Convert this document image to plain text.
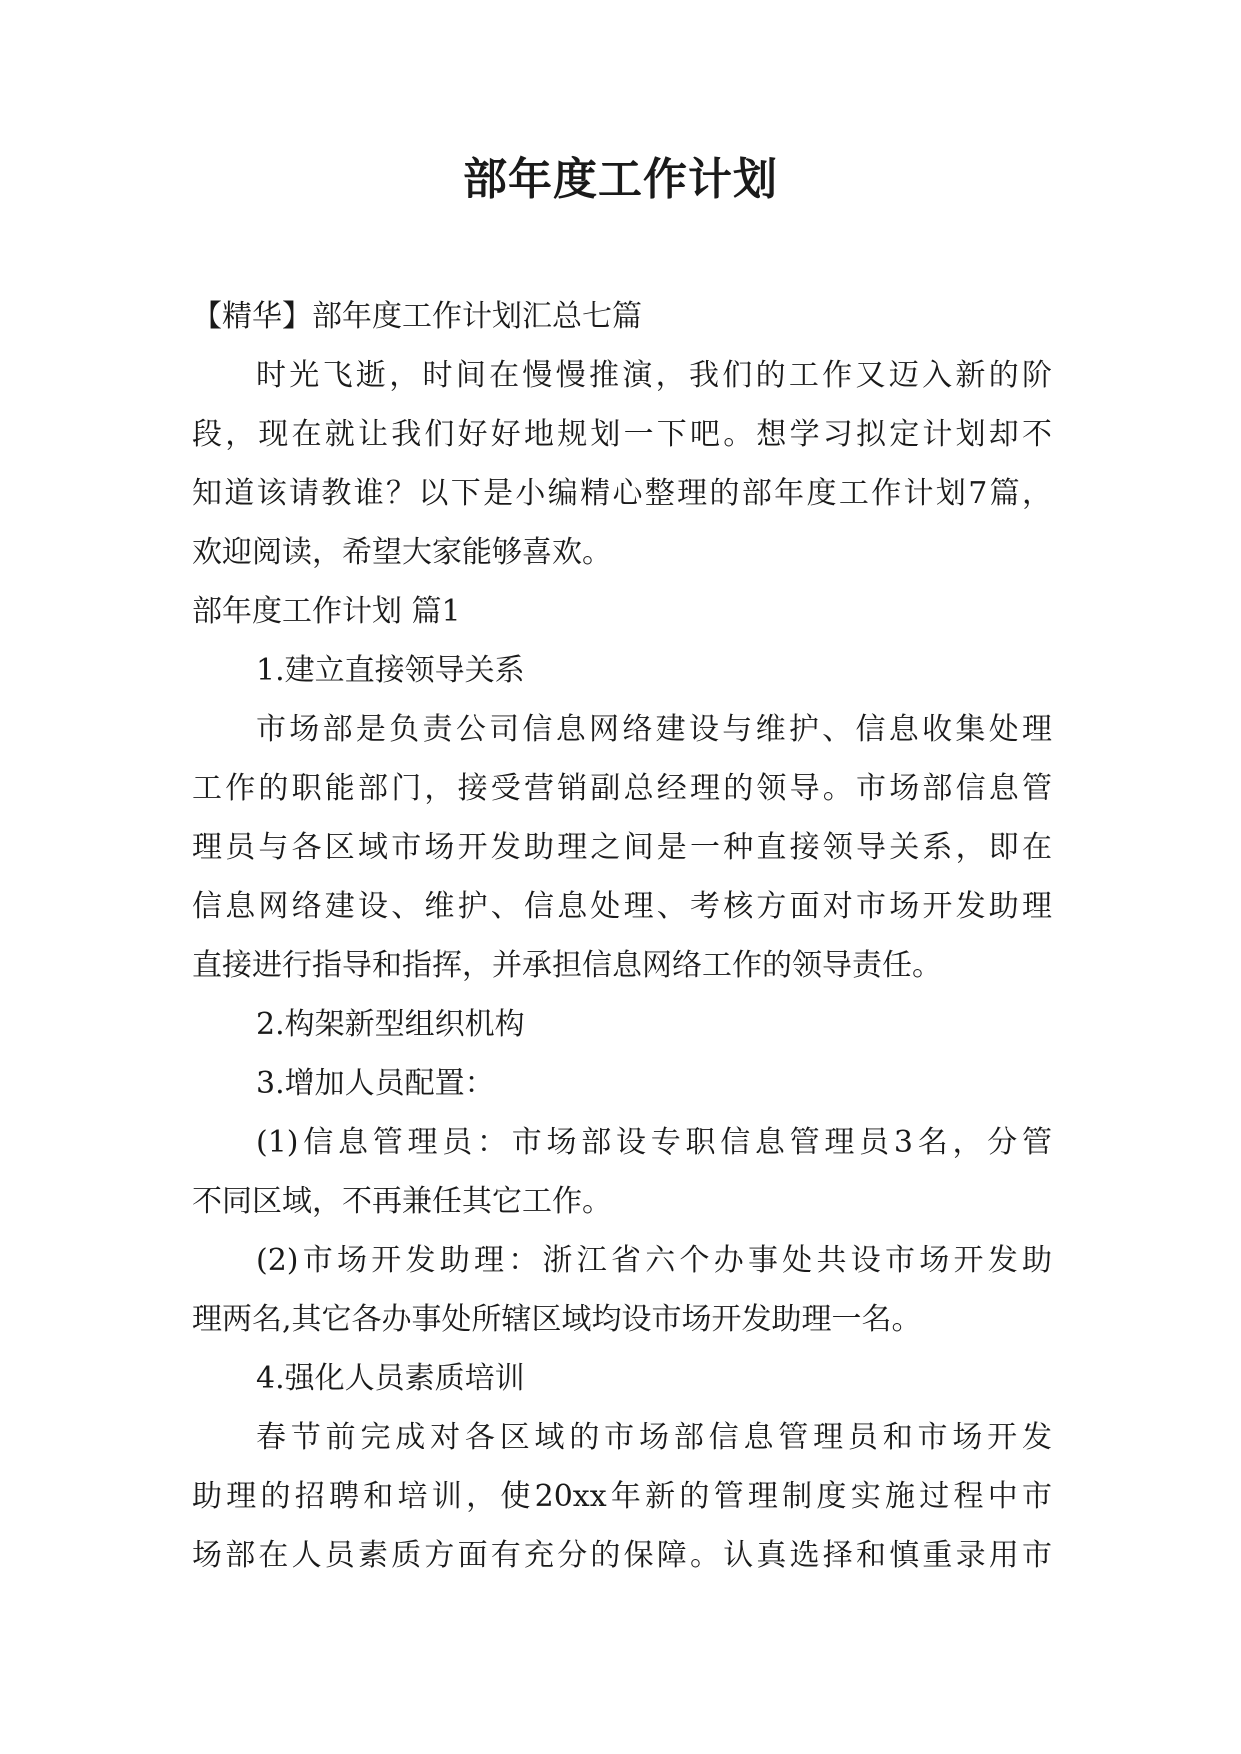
部年度工作计划
【精华】部年度工作计划汇总七篇
时光飞逝，时间在慢慢推演，我们的工作又迈入新的阶
段，现在就让我们好好地规划一下吧。想学习拟定计划却不
知道该请教谁？以下是小编精心整理的部年度工作计划7篇，
欢迎阅读，希望大家能够喜欢。
部年度工作计划 篇1
1.建立直接领导关系
市场部是负责公司信息网络建设与维护、信息收集处理
工作的职能部门，接受营销副总经理的领导。市场部信息管
理员与各区域市场开发助理之间是一种直接领导关系，即在
信息网络建设、维护、信息处理、考核方面对市场开发助理
直接进行指导和指挥，并承担信息网络工作的领导责任。
2.构架新型组织机构
3.增加人员配置：
(1)信息管理员：市场部设专职信息管理员3名，分管
不同区域，不再兼任其它工作。
(2)市场开发助理：浙江省六个办事处共设市场开发助
理两名,其它各办事处所辖区域均设市场开发助理一名。
4.强化人员素质培训
春节前完成对各区域的市场部信息管理员和市场开发
助理的招聘和培训，使20xx年新的管理制度实施过程中市
场部在人员素质方面有充分的保障。认真选择和慎重录用市
